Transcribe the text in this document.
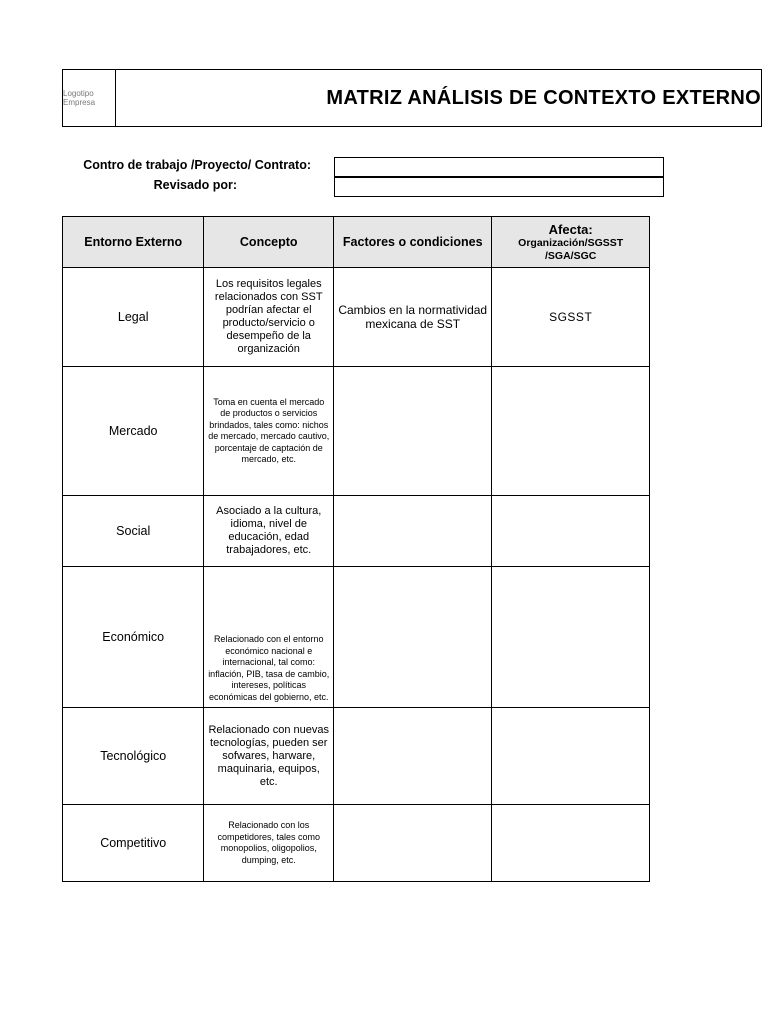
Logotipo Empresa	MATRIZ ANÁLISIS DE CONTEXTO EXTERNO
Contro de trabajo /Proyecto/ Contrato:
Revisado por:
Entorno Externo	Concepto	Factores o condiciones	Afecta:
Organización/SGSST
/SGA/SGC

Legal	Los requisitos legales relacionados con SST podrían afectar el producto/servicio o desempeño de la organización	Cambios en la normatividad mexicana de SST	SGSST
Mercado	Toma en cuenta el mercado de productos o servicios brindados, tales como: nichos de mercado, mercado cautivo, porcentaje de captación de mercado, etc.		
Social	Asociado a la cultura, idioma, nivel de educación, edad trabajadores, etc.		
Económico	Relacionado con el entorno económico nacional e internacional, tal como: inflación, PIB, tasa de cambio, intereses, políticas económicas del gobierno, etc.		
Tecnológico	Relacionado con nuevas tecnologías, pueden ser sofwares, harware, maquinaria, equipos, etc.		
Competitivo	Relacionado con los competidores, tales como monopolios, oligopolios, dumping, etc.		
